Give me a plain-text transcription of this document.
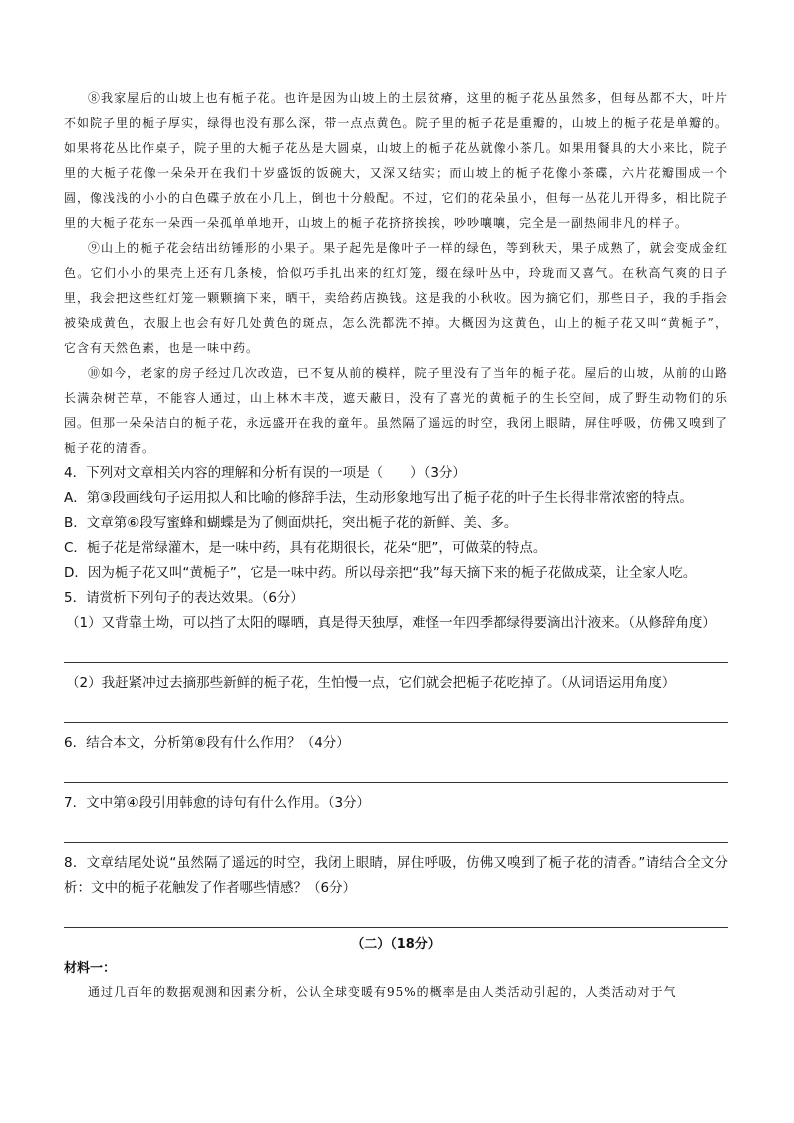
⑧我家屋后的山坡上也有栀子花。也许是因为山坡上的土层贫瘠，这里的栀子花丛虽然多，但每丛都不大，叶片不如院子里的栀子厚实，绿得也没有那么深，带一点点黄色。院子里的栀子花是重瓣的，山坡上的栀子花是单瓣的。如果将花丛比作桌子，院子里的大栀子花丛是大圆桌，山坡上的栀子花丛就像小茶几。如果用餐具的大小来比，院子里的大栀子花像一朵朵开在我们十岁盛饭的饭碗大，又深又结实；而山坡上的栀子花像小茶碟，六片花瓣围成一个圆，像浅浅的小小的白色碟子放在小几上，倒也十分般配。不过，它们的花朵虽小，但每一丛花儿开得多，相比院子里的大栀子花东一朵西一朵孤单单地开，山坡上的栀子花挤挤挨挨，吵吵嚷嚷，完全是一副热闹非凡的样子。

⑨山上的栀子花会结出纺锤形的小果子。果子起先是像叶子一样的绿色，等到秋天，果子成熟了，就会变成金红色。它们小小的果壳上还有几条棱，恰似巧手扎出来的红灯笼，缀在绿叶丛中，玲珑而又喜气。在秋高气爽的日子里，我会把这些红灯笼一颗颗摘下来，晒干，卖给药店换钱。这是我的小秋收。因为摘它们，那些日子，我的手指会被染成黄色，衣服上也会有好几处黄色的斑点，怎么洗都洗不掉。大概因为这黄色，山上的栀子花又叫“黄栀子”，它含有天然色素，也是一味中药。

⑩如今，老家的房子经过几次改造，已不复从前的模样，院子里没有了当年的栀子花。屋后的山坡，从前的山路长满杂树芒草，不能容人通过，山上林木丰茂，遮天蔽日，没有了喜光的黄栀子的生长空间，成了野生动物们的乐园。但那一朵朵洁白的栀子花，永远盛开在我的童年。虽然隔了遥远的时空，我闭上眼睛，屏住呼吸，仿佛又嗅到了栀子花的清香。

4．下列对文章相关内容的理解和分析有误的一项是（　　）（3分）

A．第③段画线句子运用拟人和比喻的修辞手法，生动形象地写出了栀子花的叶子生长得非常浓密的特点。

B．文章第⑥段写蜜蜂和蝴蝶是为了侧面烘托，突出栀子花的新鲜、美、多。

C．栀子花是常绿灌木，是一味中药，具有花期很长，花朵“肥”，可做菜的特点。

D．因为栀子花又叫“黄栀子”，它是一味中药。所以母亲把“我”每天摘下来的栀子花做成菜，让全家人吃。

5．请赏析下列句子的表达效果。（6分）

（1）又背靠土坳，可以挡了太阳的曝晒，真是得天独厚，难怪一年四季都绿得要滴出汁液来。（从修辞角度）

（2）我赶紧冲过去摘那些新鲜的栀子花，生怕慢一点，它们就会把栀子花吃掉了。（从词语运用角度）

6．结合本文，分析第⑧段有什么作用？（4分）

7．文中第④段引用韩愈的诗句有什么作用。（3分）

8．文章结尾处说“虽然隔了遥远的时空，我闭上眼睛，屏住呼吸，仿佛又嗅到了栀子花的清香。”请结合全文分析：文中的栀子花触发了作者哪些情感？（6分）

（二）（18分）
材料一：

通过几百年的数据观测和因素分析，公认全球变暖有95%的概率是由人类活动引起的，人类活动对于气
